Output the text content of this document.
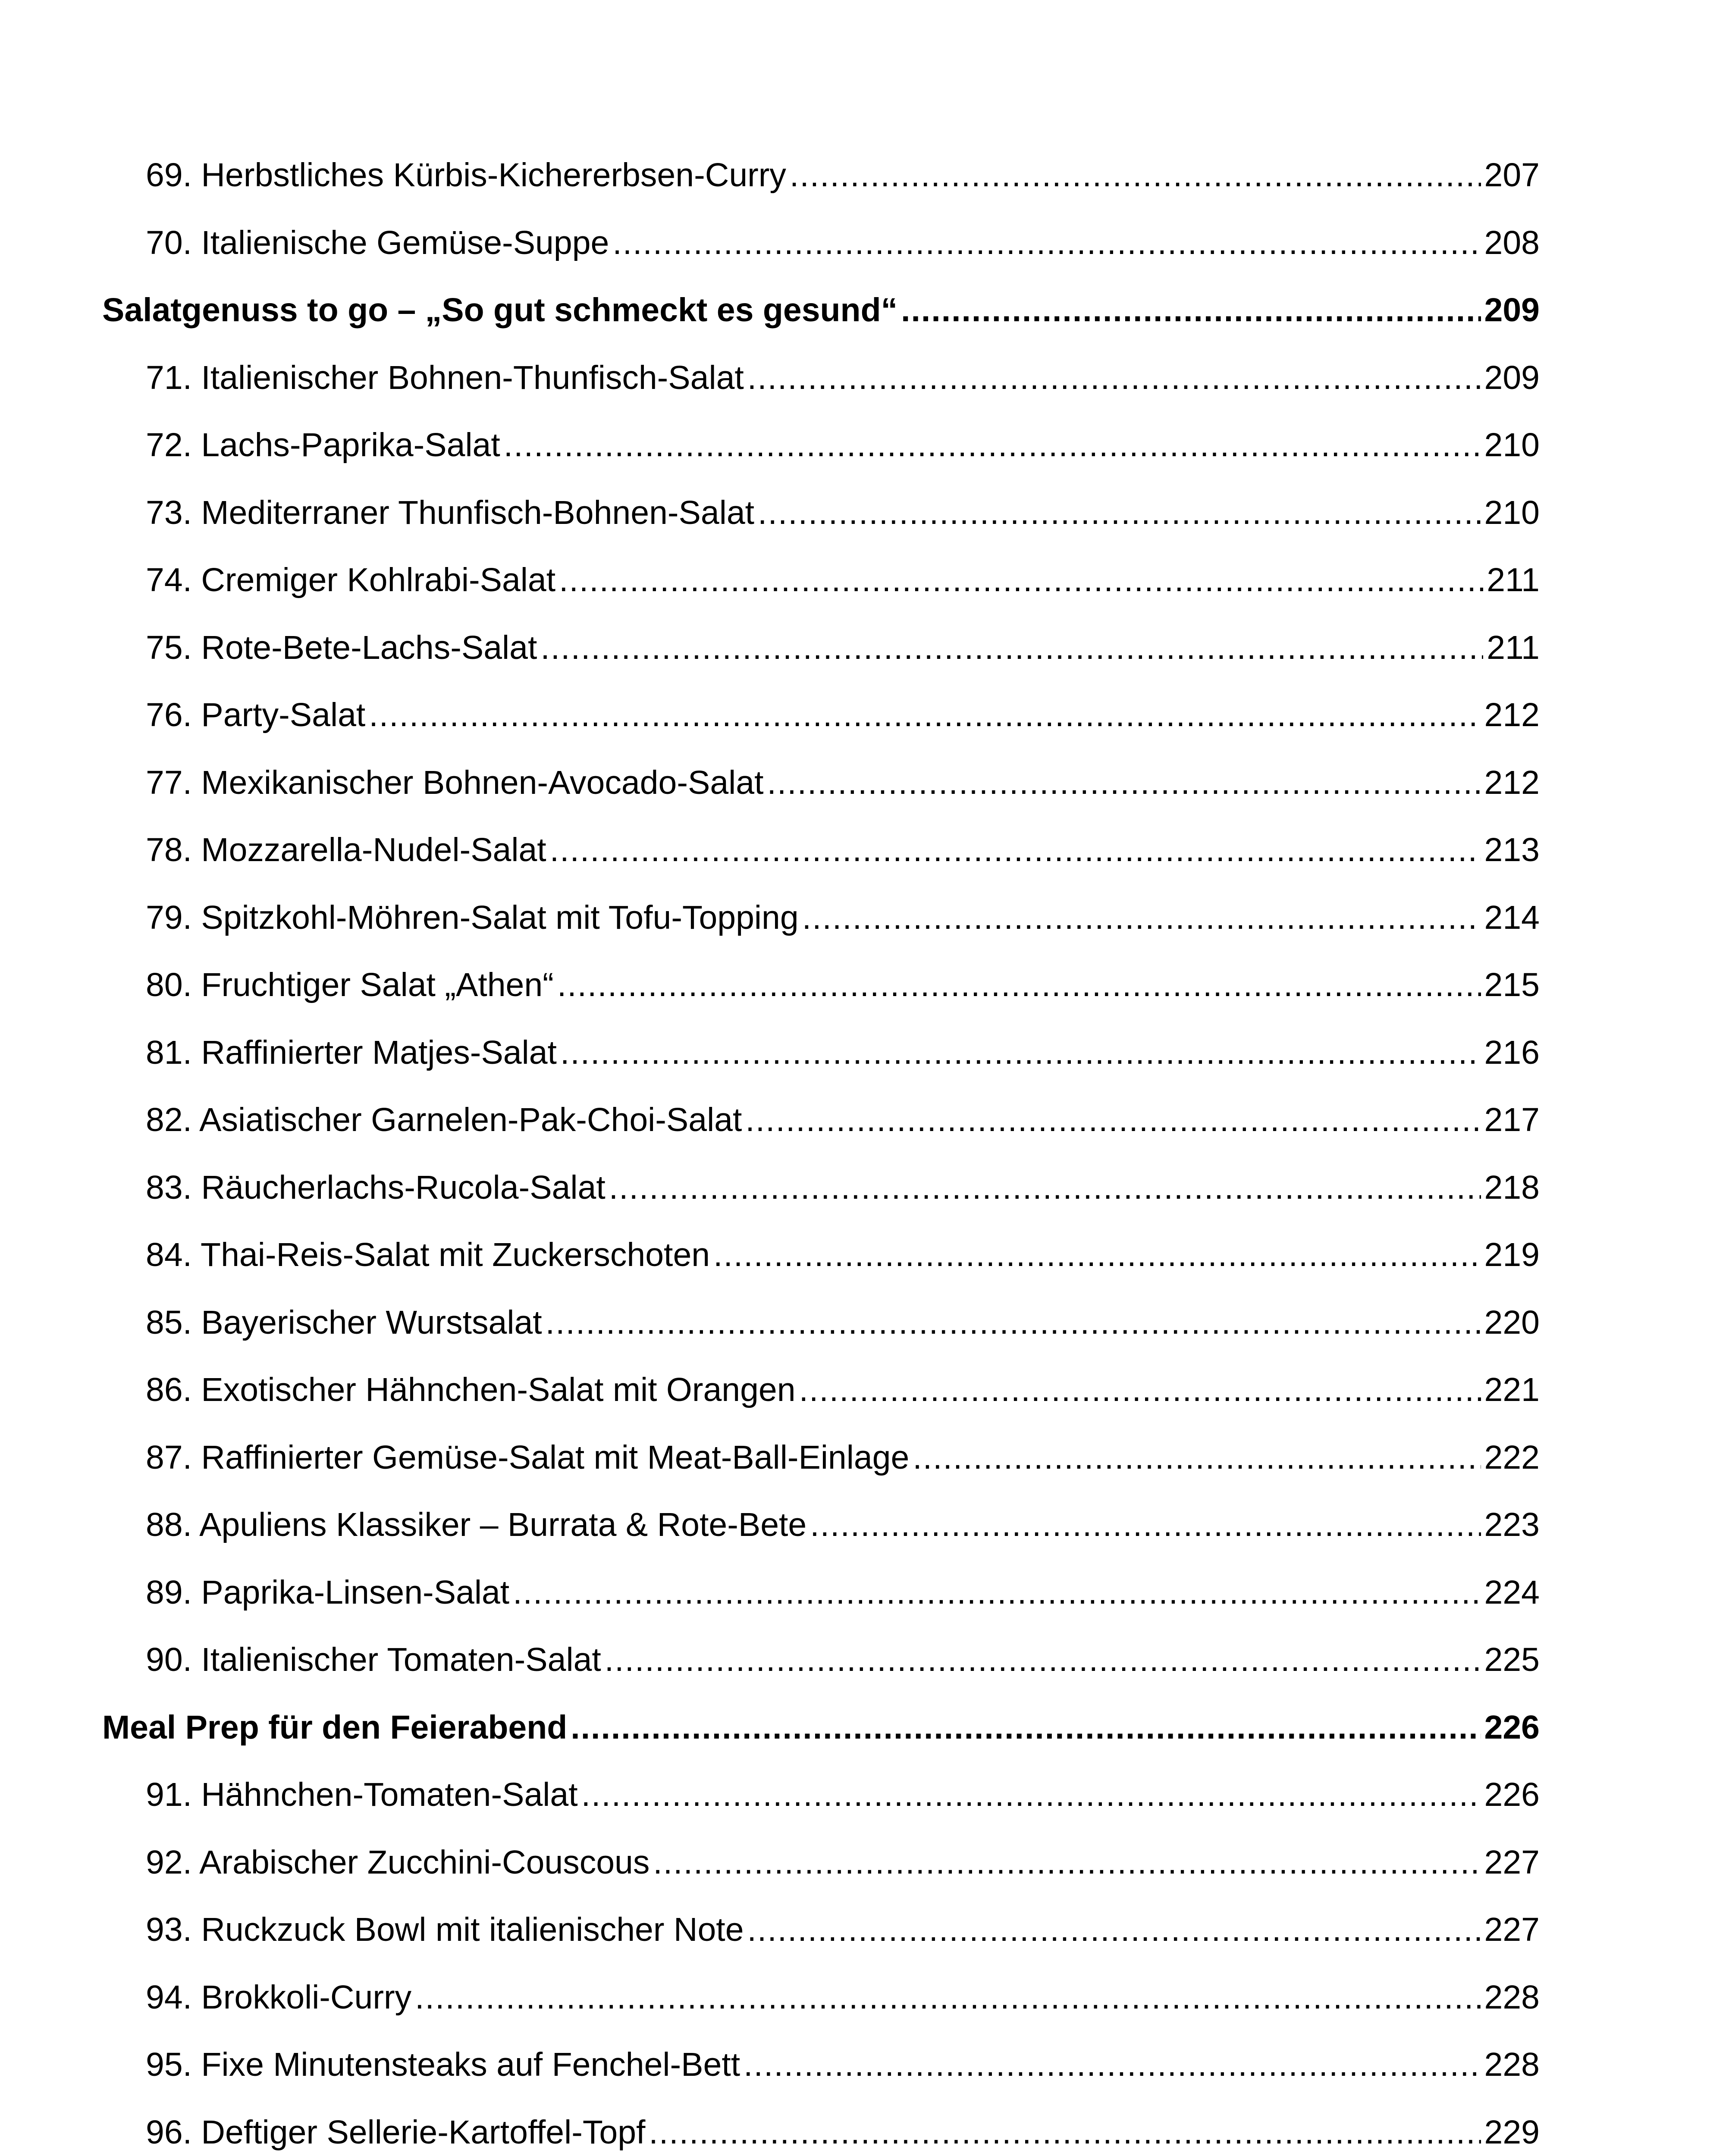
69. Herbstliches Kürbis-Kichererbsen-Curry .....	207
70. Italienische Gemüse-Suppe .....	208
Salatgenuss to go – „So gut schmeckt es gesund“ .....	209
71. Italienischer Bohnen-Thunfisch-Salat .....	209
72. Lachs-Paprika-Salat .....	210
73. Mediterraner Thunfisch-Bohnen-Salat .....	210
74. Cremiger Kohlrabi-Salat .....	211
75. Rote-Bete-Lachs-Salat .....	211
76. Party-Salat .....	212
77. Mexikanischer Bohnen-Avocado-Salat .....	212
78. Mozzarella-Nudel-Salat .....	213
79. Spitzkohl-Möhren-Salat mit Tofu-Topping .....	214
80. Fruchtiger Salat „Athen“ .....	215
81. Raffinierter Matjes-Salat .....	216
82. Asiatischer Garnelen-Pak-Choi-Salat .....	217
83. Räucherlachs-Rucola-Salat .....	218
84. Thai-Reis-Salat mit Zuckerschoten .....	219
85. Bayerischer Wurstsalat .....	220
86. Exotischer Hähnchen-Salat mit Orangen .....	221
87. Raffinierter Gemüse-Salat mit Meat-Ball-Einlage .....	222
88. Apuliens Klassiker – Burrata & Rote-Bete .....	223
89. Paprika-Linsen-Salat .....	224
90. Italienischer Tomaten-Salat .....	225
Meal Prep für den Feierabend .....	226
91. Hähnchen-Tomaten-Salat .....	226
92. Arabischer Zucchini-Couscous .....	227
93. Ruckzuck Bowl mit italienischer Note .....	227
94. Brokkoli-Curry .....	228
95. Fixe Minutensteaks auf Fenchel-Bett .....	228
96. Deftiger Sellerie-Kartoffel-Topf .....	229
